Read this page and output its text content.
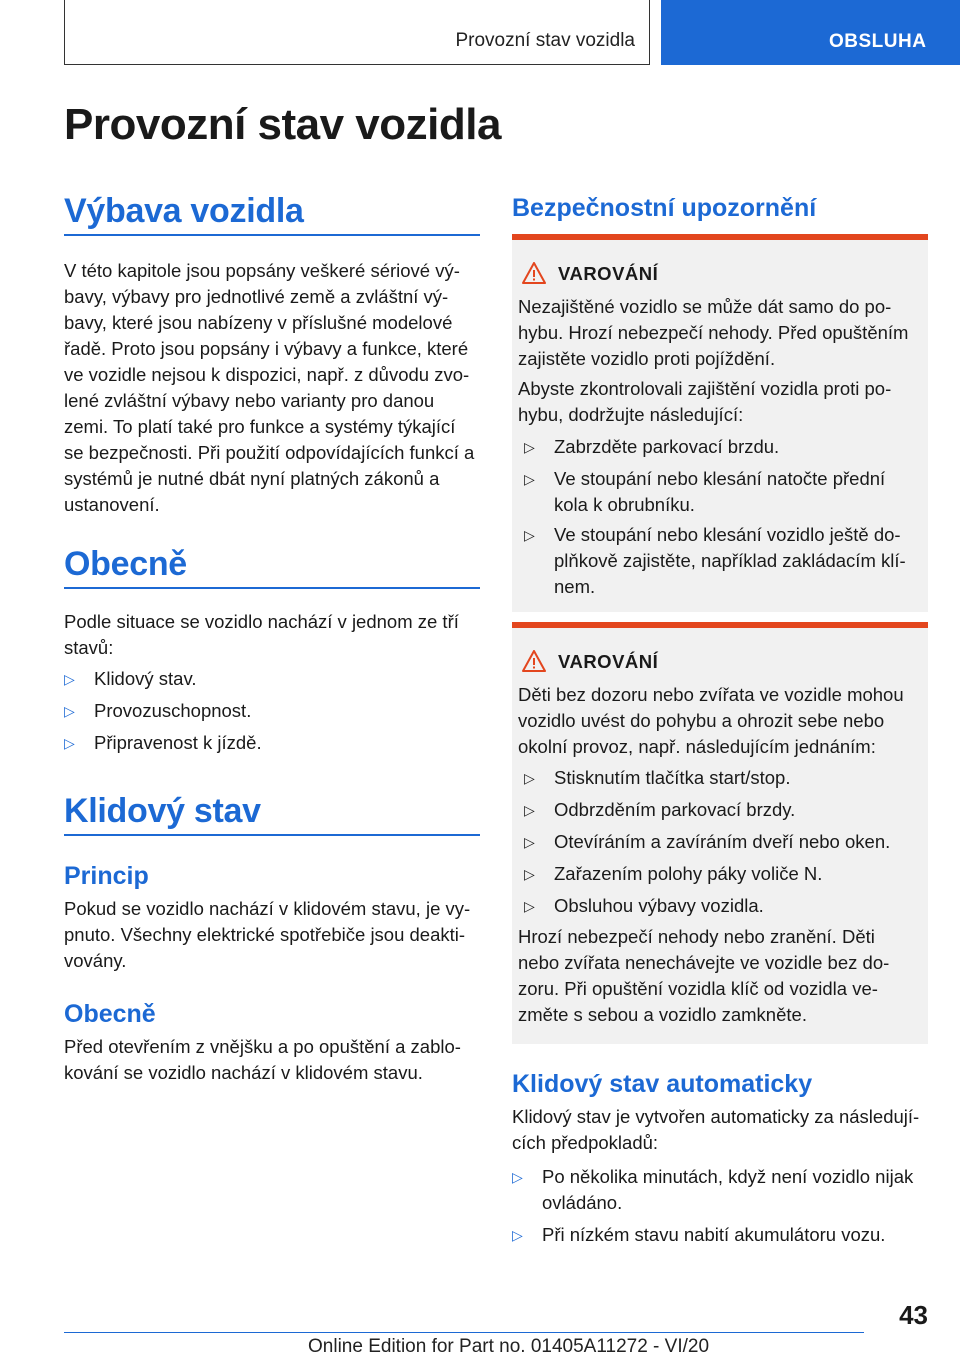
Provozní stav vozidla	OBSLUHA
Provozní stav vozidla
Výbava vozidla
V této kapitole jsou popsány veškeré sériové vý‐
bavy, výbavy pro jednotlivé země a zvláštní vý‐
bavy, které jsou nabízeny v příslušné modelové
řadě. Proto jsou popsány i výbavy a funkce, které
ve vozidle nejsou k dispozici, např. z důvodu zvo‐
lené zvláštní výbavy nebo varianty pro danou
zemi. To platí také pro funkce a systémy týkající
se bezpečnosti. Při použití odpovídajících funkcí a
systémů je nutné dbát nyní platných zákonů a
ustanovení.
Obecně
Podle situace se vozidlo nachází v jednom ze tří
stavů:
▷ Klidový stav.
▷ Provozuschopnost.
▷ Připravenost k jízdě.
Klidový stav
Princip
Pokud se vozidlo nachází v klidovém stavu, je vy‐
pnuto. Všechny elektrické spotřebiče jsou deakti‐
vovány.
Obecně
Před otevřením z vnějšku a po opuštění a zablo‐
kování se vozidlo nachází v klidovém stavu.
Bezpečnostní upozornění
VAROVÁNÍ
Nezajištěné vozidlo se může dát samo do po‐
hybu. Hrozí nebezpečí nehody. Před opuštěním
zajistěte vozidlo proti pojíždění.
Abyste zkontrolovali zajištění vozidla proti po‐
hybu, dodržujte následující:
▷ Zabrzděte parkovací brzdu.
▷ Ve stoupání nebo klesání natočte přední
kola k obrubníku.
▷ Ve stoupání nebo klesání vozidlo ještě do‐
plňkově zajistěte, například zakládacím klí‐
nem.
VAROVÁNÍ
Děti bez dozoru nebo zvířata ve vozidle mohou
vozidlo uvést do pohybu a ohrozit sebe nebo
okolní provoz, např. následujícím jednáním:
▷ Stisknutím tlačítka start/stop.
▷ Odbrzděním parkovací brzdy.
▷ Otevíráním a zavíráním dveří nebo oken.
▷ Zařazením polohy páky voliče N.
▷ Obsluhou výbavy vozidla.
Hrozí nebezpečí nehody nebo zranění. Děti
nebo zvířata nenechávejte ve vozidle bez do‐
zoru. Při opuštění vozidla klíč od vozidla ve‐
změte s sebou a vozidlo zamkněte.
Klidový stav automaticky
Klidový stav je vytvořen automaticky za následují‐
cích předpokladů:
▷ Po několika minutách, když není vozidlo nijak
ovládáno.
▷ Při nízkém stavu nabití akumulátoru vozu.
43
Online Edition for Part no. 01405A11272 - VI/20
